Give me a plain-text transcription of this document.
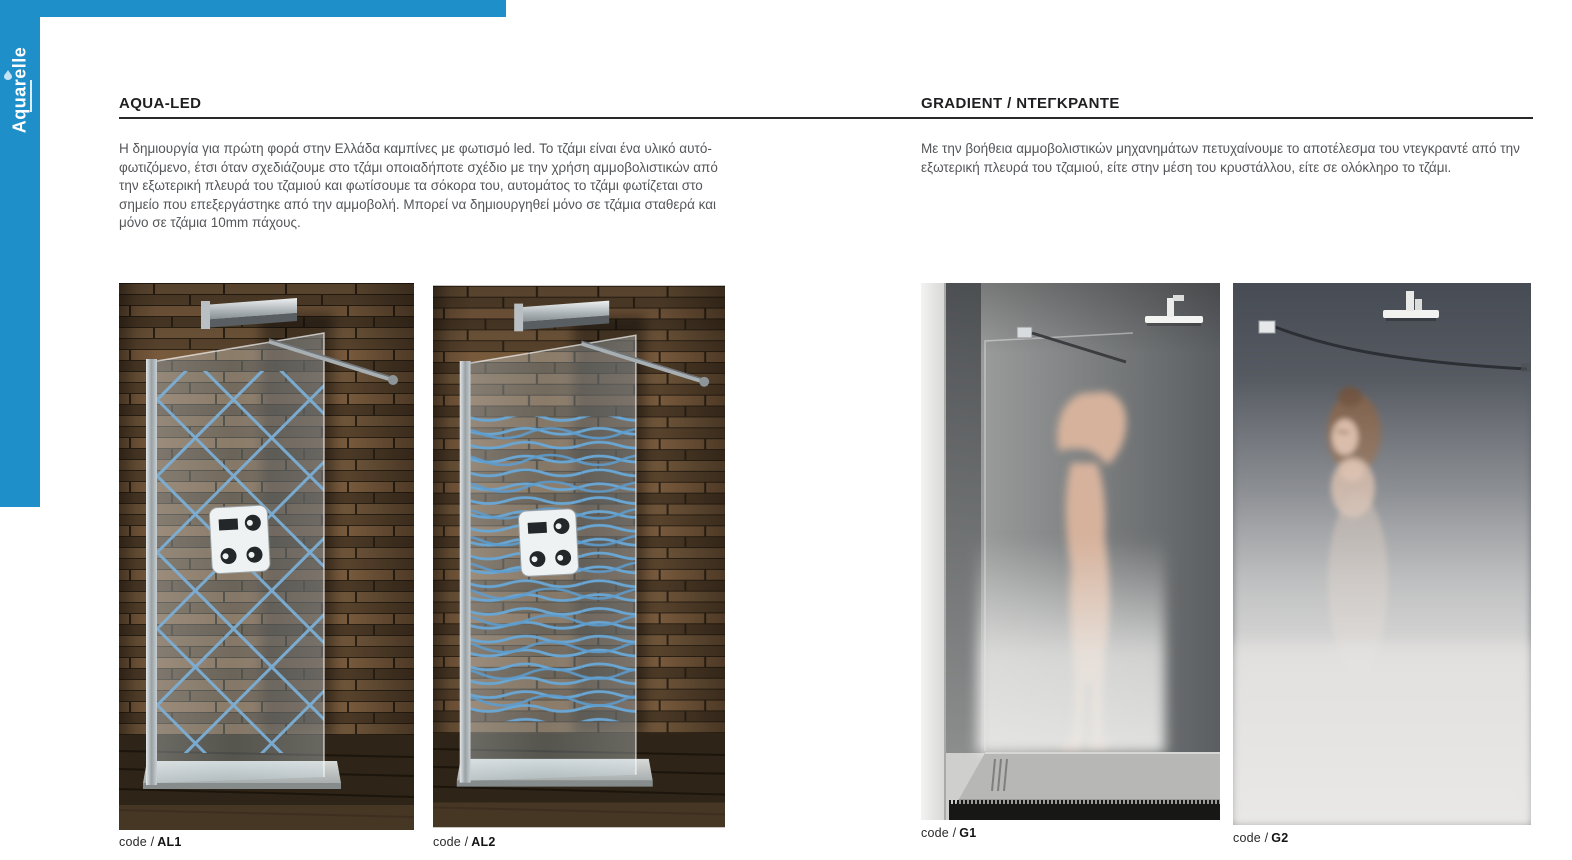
Aquarelle	AQUA-LED	GRADIENT / ΝΤΕΓΚΡΑΝΤΕ
Η δημιουργία για πρώτη φορά στην Ελλάδα καμπίνες με φωτισμό led. Το τζάμι είναι ένα υλικό αυτό-φωτιζόμενο, έτσι όταν σχεδιάζουμε στο τζάμι οποιαδήποτε σχέδιο με την χρήση αμμοβολιστικών από την εξωτερική πλευρά του τζαμιού και φωτίσουμε τα σόκορα του, αυτομάτος το τζάμι φωτίζεται στο σημείο που επεξεργάστηκε από την αμμοβολή. Μπορεί να δημιουργηθεί μόνο σε τζάμια σταθερά και μόνο σε τζάμια 10mm πάχους.
Με την βοήθεια αμμοβολιστικών μηχανημάτων πετυχαίνουμε το αποτέλεσμα του ντεγκραντέ από την εξωτερική πλευρά του τζαμιού, είτε στην μέση του κρυστάλλου, είτε σε ολόκληρο το τζάμι.
code / AL1	code / AL2
code / G1	code / G2
